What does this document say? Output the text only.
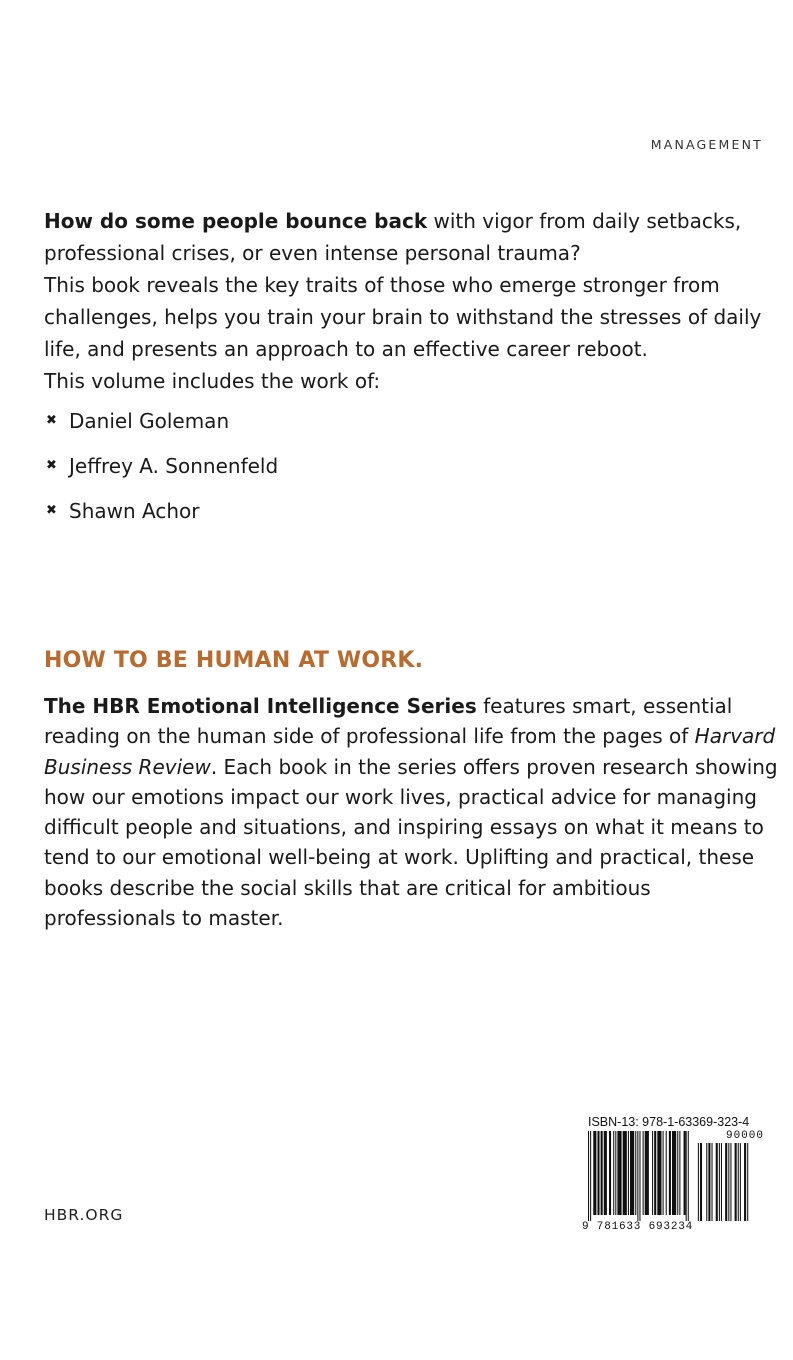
MANAGEMENT

How do some people bounce back with vigor from daily setbacks, professional crises, or even intense personal trauma?

This book reveals the key traits of those who emerge stronger from challenges, helps you train your brain to withstand the stresses of daily life, and presents an approach to an effective career reboot.

This volume includes the work of:

✖ Daniel Goleman
✖ Jeffrey A. Sonnenfeld
✖ Shawn Achor
HOW TO BE HUMAN AT WORK.

The HBR Emotional Intelligence Series features smart, essential reading on the human side of professional life from the pages of Harvard Business Review. Each book in the series offers proven research showing how our emotions impact our work lives, practical advice for managing difficult people and situations, and inspiring essays on what it means to tend to our emotional well-being at work. Uplifting and practical, these books describe the social skills that are critical for ambitious professionals to master.

HBR.ORG
ISBN-13: 978-1-63369-323-4
90000
9 781633 693234
